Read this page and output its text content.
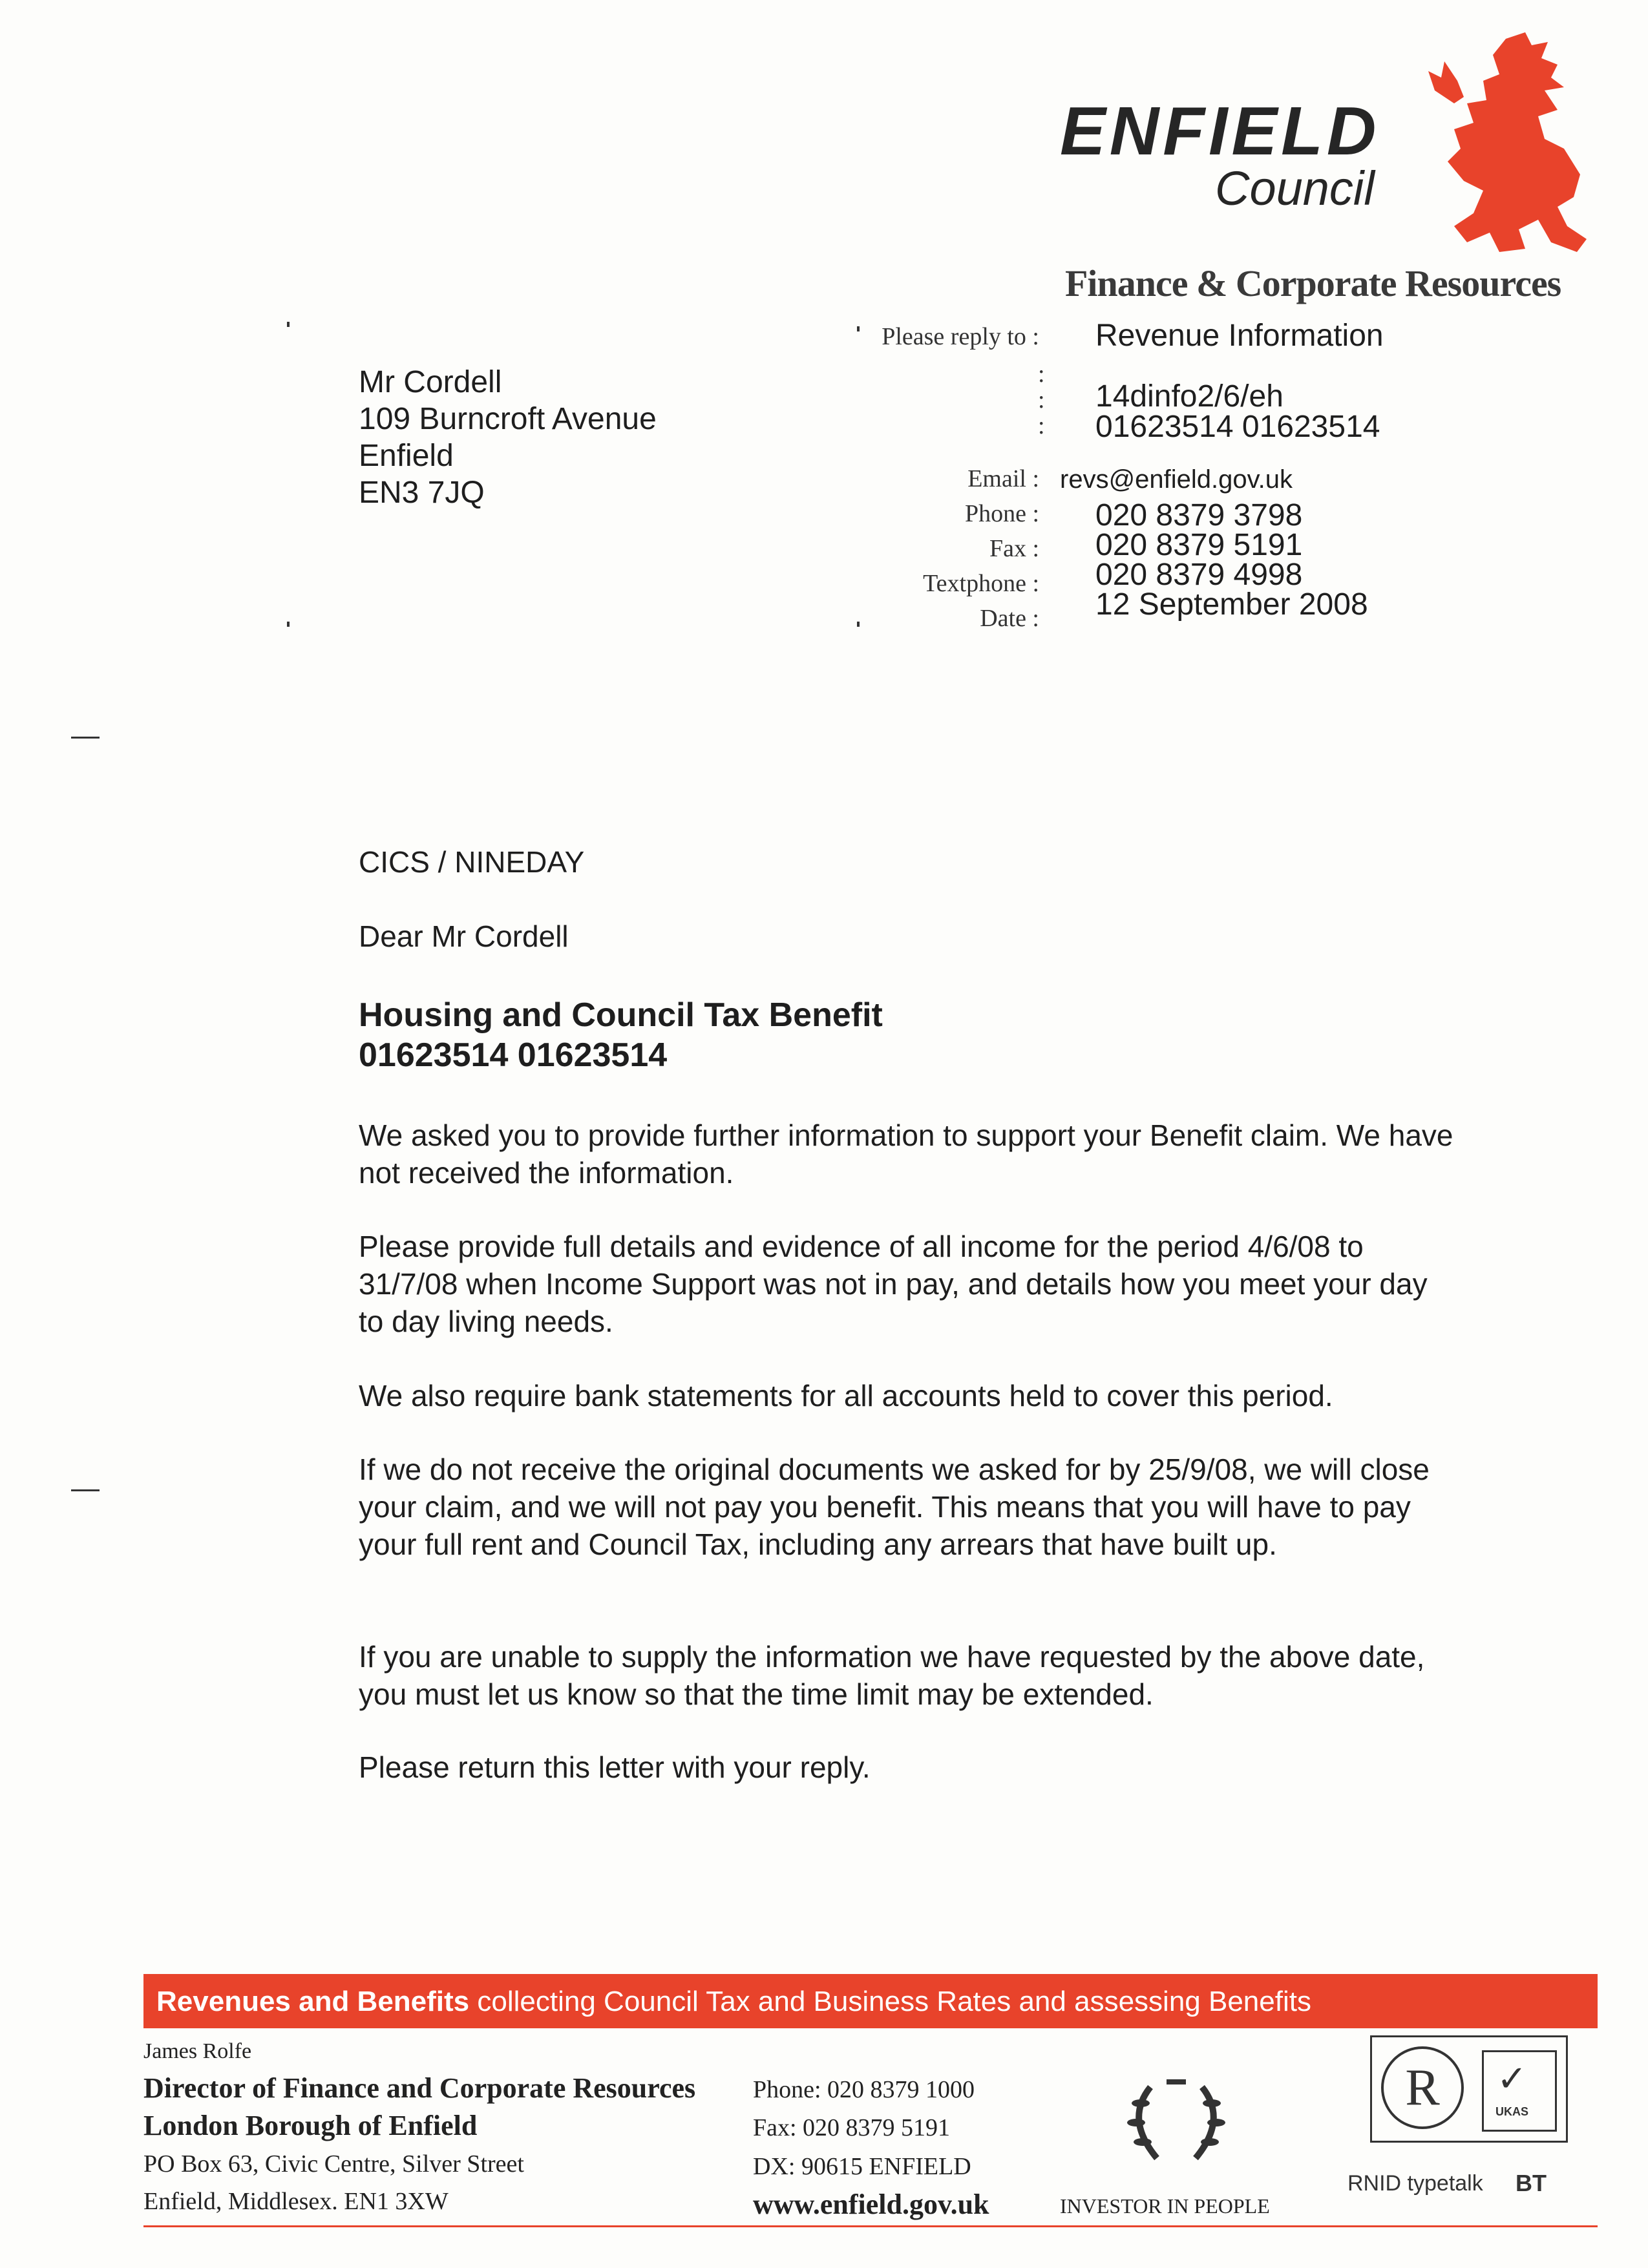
ENFIELD
Council
Finance & Corporate Resources
Please reply to :
:
:
:
Email :
Phone :
Fax :
Textphone :
Date :
Revenue Information
14dinfo2/6/eh
01623514 01623514
revs@enfield.gov.uk
020 8379 3798
020 8379 5191
020 8379 4998
12 September 2008
Mr Cordell
109 Burncroft Avenue
Enfield
EN3 7JQ
CICS / NINEDAY
Dear Mr Cordell
Housing and Council Tax Benefit
01623514 01623514

We asked you to provide further information to support your Benefit claim. We have not received the information.

Please provide full details and evidence of all income for the period 4/6/08 to 31/7/08 when Income Support was not in pay, and details how you meet your day to day living needs.

We also require bank statements for all accounts held to cover this period.

If we do not receive the original documents we asked for by 25/9/08, we will close your claim, and we will not pay you benefit. This means that you will have to pay your full rent and Council Tax, including any arrears that have built up.

If you are unable to supply the information we have requested by the above date, you must let us know so that the time limit may be extended.

Please return this letter with your reply.

Revenues and Benefits collecting Council Tax and Business Rates and assessing Benefits
James Rolfe
Director of Finance and Corporate Resources
London Borough of Enfield
PO Box 63, Civic Centre, Silver Street
Enfield, Middlesex. EN1 3XW
Phone: 020 8379 1000
Fax: 020 8379 5191
DX: 90615 ENFIELD
www.enfield.gov.uk	INVESTOR IN PEOPLE
R	✓
UKAS
RNID typetalk BT
